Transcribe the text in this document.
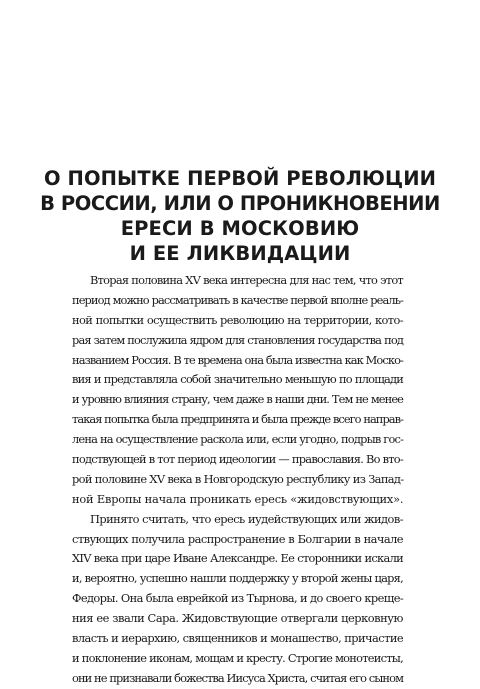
О ПОПЫТКЕ ПЕРВОЙ РЕВОЛЮЦИИ
В РОССИИ, ИЛИ О ПРОНИКНОВЕНИИ
ЕРЕСИ В МОСКОВИЮ
И ЕЕ ЛИКВИДАЦИИ
Вторая половина XV века интересна для нас тем, что этот
период можно рассматривать в качестве первой вполне реаль-
ной попытки осуществить революцию на территории, кото-
рая затем послужила ядром для становления государства под
названием Россия. В те времена она была известна как Моско-
вия и представляла собой значительно меньшую по площади
и уровню влияния страну, чем даже в наши дни. Тем не менее
такая попытка была предпринята и была прежде всего направ-
лена на осуществление раскола или, если угодно, подрыв гос-
подствующей в тот период идеологии — православия. Во вто-
рой половине XV века в Новгородскую республику из Запад-
ной Европы начала проникать ересь «жидовствующих».
Принято считать, что ересь иудействующих или жидов-
ствующих получила распространение в Болгарии в начале
XIV века при царе Иване Александре. Ее сторонники искали
и, вероятно, успешно нашли поддержку у второй жены царя,
Федоры. Она была еврейкой из Тырнова, и до своего креще-
ния ее звали Сара. Жидовствующие отвергали церковную
власть и иерархию, священников и монашество, причастие
и поклонение иконам, мощам и кресту. Строгие монотеисты,
они не признавали божества Иисуса Христа, считая его сыном
